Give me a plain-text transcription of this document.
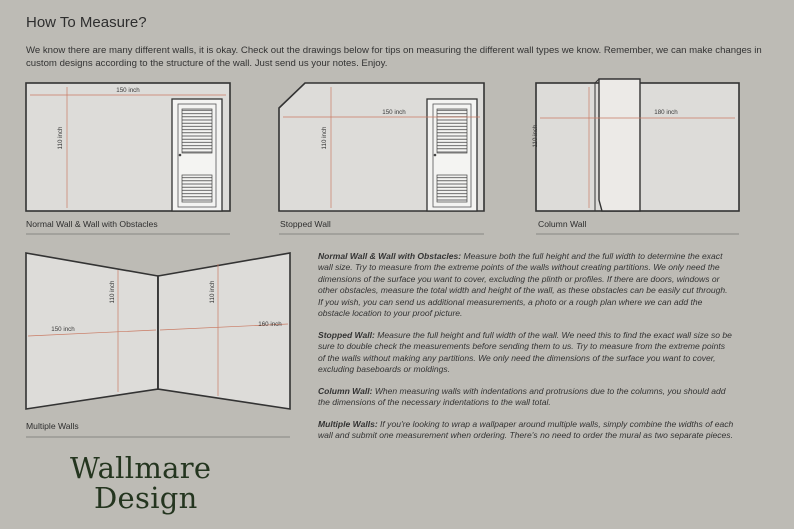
How To Measure?

We know there are many different walls, it is okay. Check out the drawings below for tips on measuring the different wall types we know. Remember, we can make changes in custom designs according to the structure of the wall. Just send us your notes. Enjoy.

150 inch
110 inch
150 inch
110 inch
180 inch
110 inch
150 inch
110 inch
160 inch
110 inch
Normal Wall & Wall with Obstacles	Stopped Wall	Column Wall
Multiple Walls

Normal Wall & Wall with Obstacles: Measure both the full height and the full width to determine the exact wall size. Try to measure from the extreme points of the walls without creating partitions. We only need the dimensions of the surface you want to cover, excluding the plinth or profiles. If there are doors, windows or other obstacles, measure the total width and height of the wall, as these obstacles can be easily cut through. If you wish, you can send us additional measurements, a photo or a rough plan where we can add the obstacle location to your proof picture.

Stopped Wall: Measure the full height and full width of the wall. We need this to find the exact wall size so be sure to double check the measurements before sending them to us. Try to measure from the extreme points of the walls without making any partitions. We only need the dimensions of the surface you want to cover, excluding baseboards or moldings.

Column Wall: When measuring walls with indentations and protrusions due to the columns, you should add the dimensions of the necessary indentations to the wall total.

Multiple Walls: If you're looking to wrap a wallpaper around multiple walls, simply combine the widths of each wall and submit one measurement when ordering. There's no need to order the mural as two separate pieces.

Wallmare
Design
